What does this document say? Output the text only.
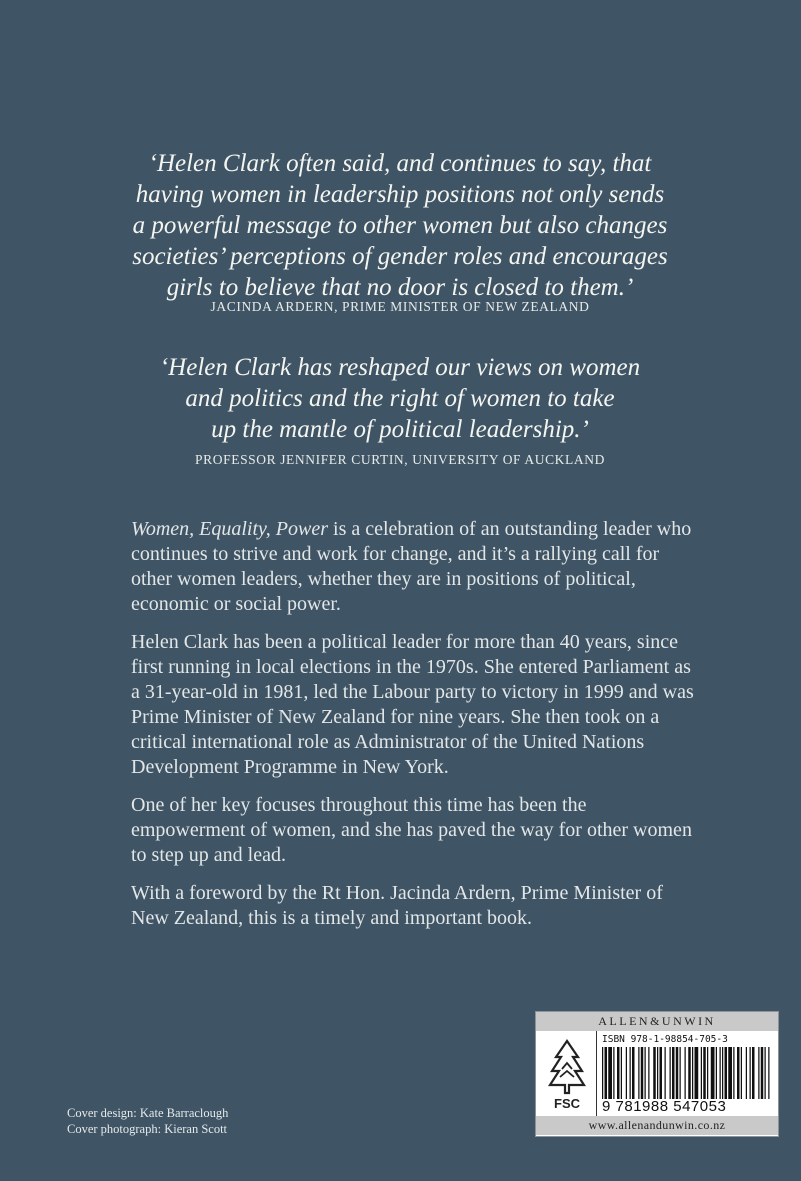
‘Helen Clark often said, and continues to say, that

having women in leadership positions not only sends

a powerful message to other women but also changes

societies’ perceptions of gender roles and encourages

girls to believe that no door is closed to them.’

JACINDA ARDERN, PRIME MINISTER OF NEW ZEALAND

‘Helen Clark has reshaped our views on women

and politics and the right of women to take

up the mantle of political leadership.’

PROFESSOR JENNIFER CURTIN, UNIVERSITY OF AUCKLAND

Women, Equality, Power is a celebration of an outstanding leader who continues to strive and work for change, and it’s a rallying call for other women leaders, whether they are in positions of political, economic or social power.

Helen Clark has been a political leader for more than 40 years, since first running in local elections in the 1970s. She entered Parliament as a 31-year-old in 1981, led the Labour party to victory in 1999 and was Prime Minister of New Zealand for nine years. She then took on a critical international role as Administrator of the United Nations Development Programme in New York.

One of her key focuses throughout this time has been the empowerment of women, and she has paved the way for other women to step up and lead.

With a foreword by the Rt Hon. Jacinda Ardern, Prime Minister of New Zealand, this is a timely and important book.

Cover design: Kate Barraclough
Cover photograph: Kieran Scott
ALLEN&UNWIN
FSC
ISBN 978-1-98854-705-3
9 781988 547053
www.allenandunwin.co.nz
